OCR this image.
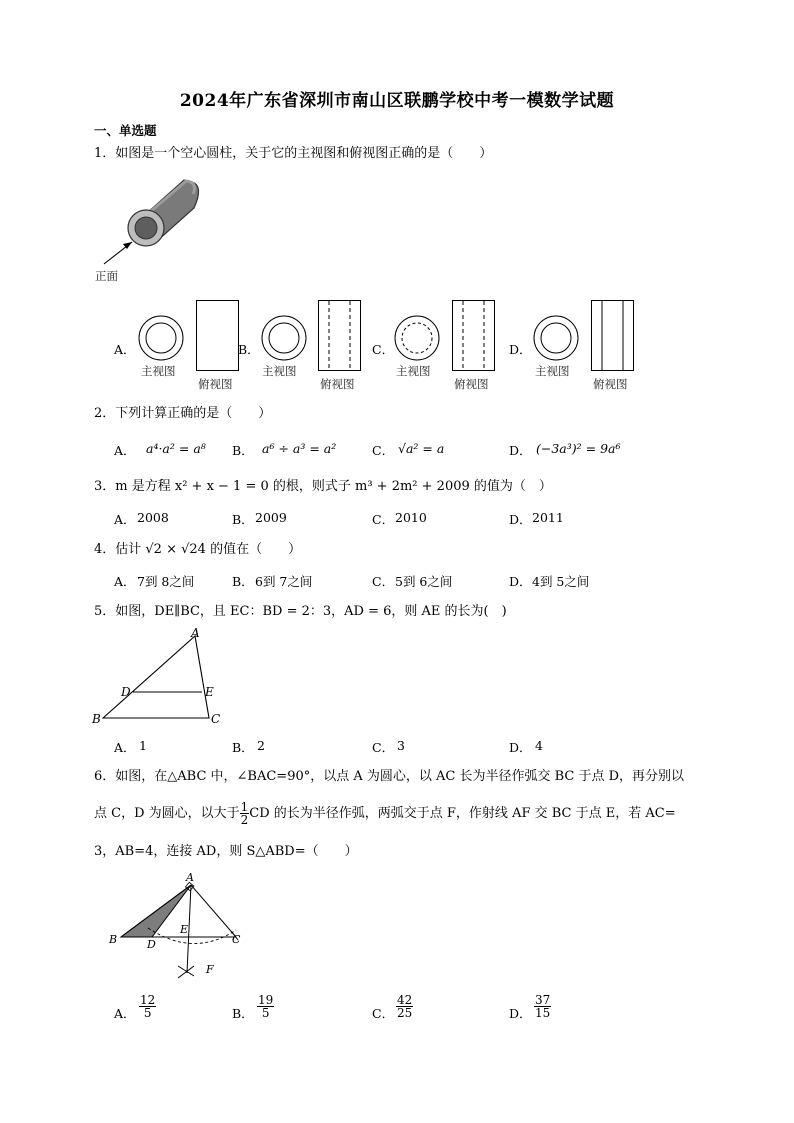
2024年广东省深圳市南山区联鹏学校中考一模数学试题
一、单选题
1．如图是一个空心圆柱，关于它的主视图和俯视图正确的是（　　）
正面
A．
主视图
俯视图
B．
主视图
俯视图
C．
主视图
俯视图
D．
主视图
俯视图
2．下列计算正确的是（　　）
A． a⁴·a² = a⁸ B． a⁶ ÷ a³ = a²	C． √a² = a	D． (−3a³)² = 9a⁶
3．m 是方程 x² + x − 1 = 0 的根，则式子 m³ + 2m² + 2009 的值为（　）
A． 2008	B． 2009	C． 2010	D． 2011
4．估计 √2 × √24 的值在（　　）
A． 7到 8之间	B． 6到 7之间	C． 5到 6之间	D． 4到 5之间
5．如图，DE∥BC，且 EC：BD = 2：3，AD = 6，则 AE 的长为(　)
A
B	C
D	E
A． 1	B． 2	C． 3	D． 4
6．如图，在△ABC 中，∠BAC=90°，以点 A 为圆心，以 AC 长为半径作弧交 BC 于点 D，再分别以
点 C，D 为圆心，以大于 $\frac{1}{2}$ CD 的长为半径作弧，两弧交于点 F，作射线 AF 交 BC 于点 E，若 AC=
3，AB=4，连接 AD，则 S△ABD=（　　）
A
B	C
D
E
F
A． $\frac{12}{5}$	B． $\frac{19}{5}$	C． $\frac{42}{25}$	D． $\frac{37}{15}$
